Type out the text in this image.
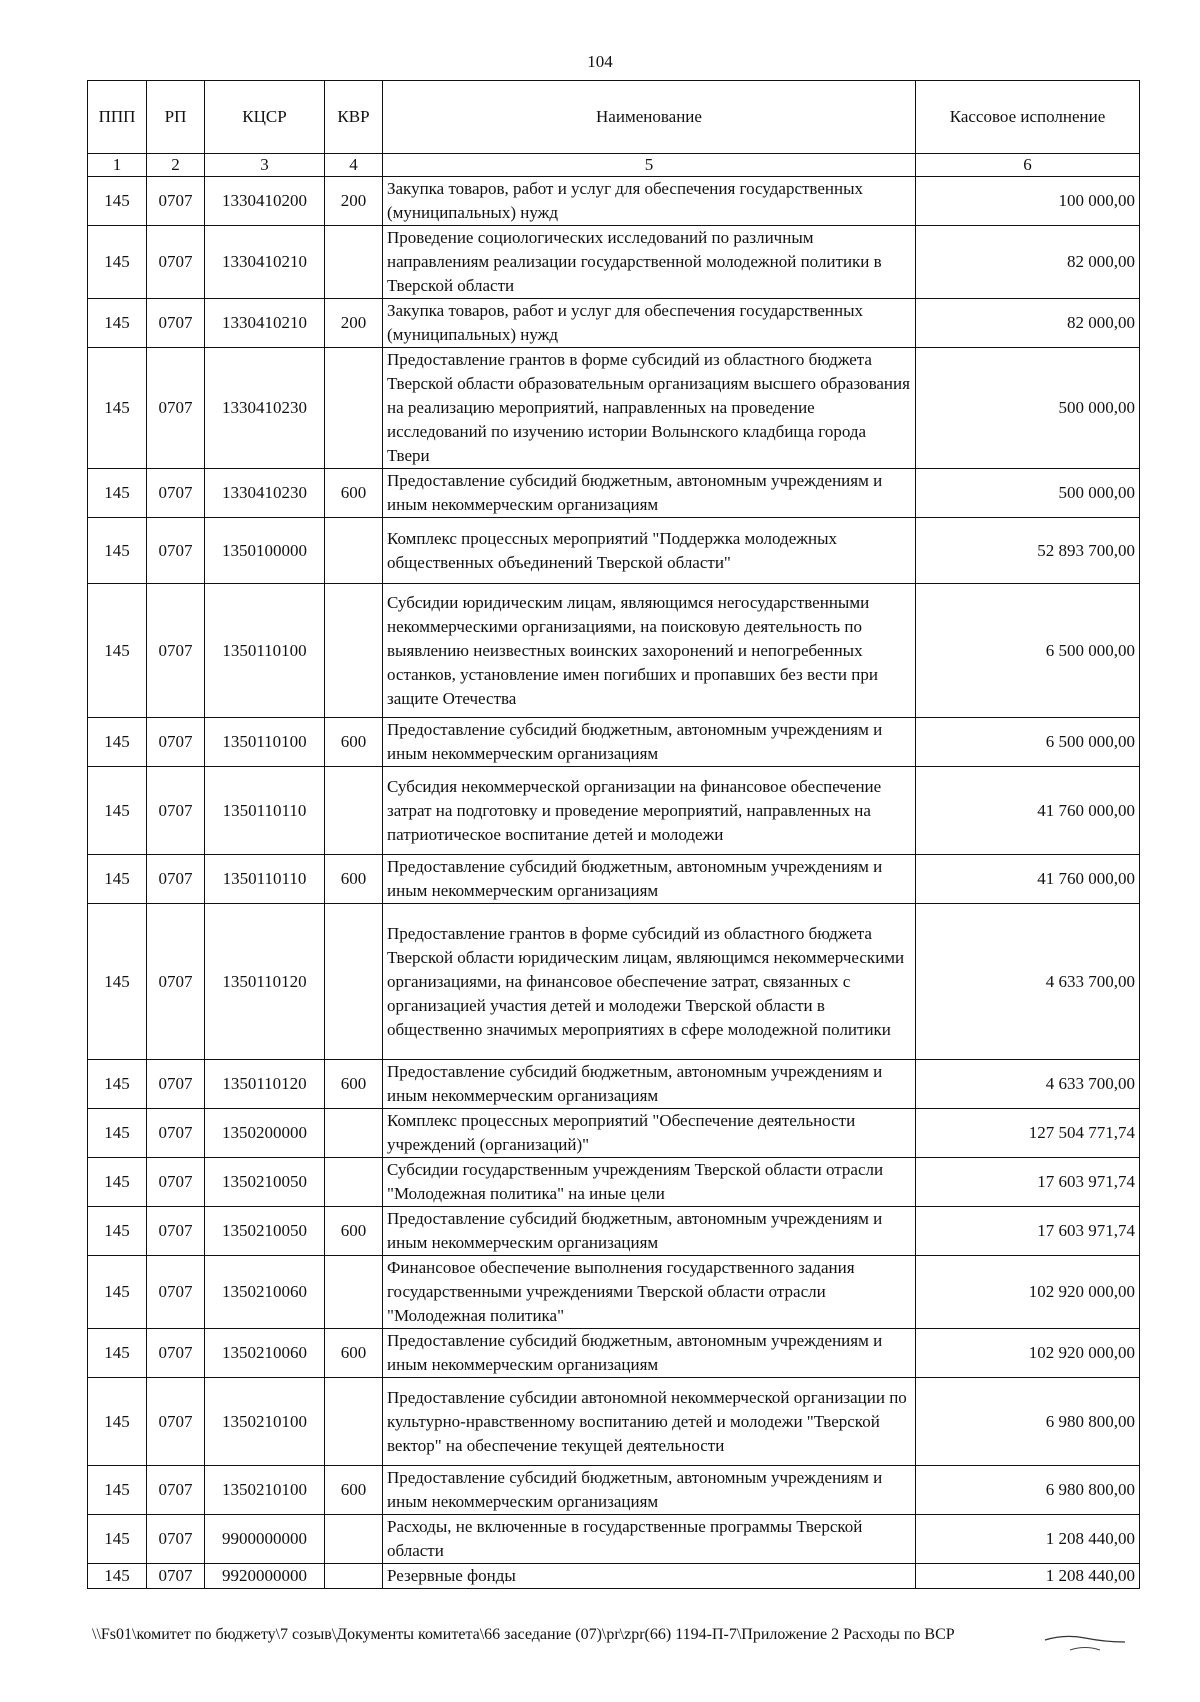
104
ППП	РП	КЦСР	КВР	Наименование	Кассовое исполнение
1	2	3	4	5	6
145	0707	1330410200	200	Закупка товаров, работ и услуг для обеспечения государственных (муниципальных) нужд	100 000,00
145	0707	1330410210		Проведение социологических исследований по различным направлениям реализации государственной молодежной политики в Тверской области	82 000,00
145	0707	1330410210	200	Закупка товаров, работ и услуг для обеспечения государственных (муниципальных) нужд	82 000,00
145	0707	1330410230		Предоставление грантов в форме субсидий из областного бюджета Тверской области образовательным организациям высшего образования на реализацию мероприятий, направленных на проведение исследований по изучению истории Волынского кладбища города Твери	500 000,00
145	0707	1330410230	600	Предоставление субсидий бюджетным, автономным учреждениям и иным некоммерческим организациям	500 000,00
145	0707	1350100000		Комплекс процессных мероприятий "Поддержка молодежных общественных объединений Тверской области"	52 893 700,00
145	0707	1350110100		Субсидии юридическим лицам, являющимся негосударственными некоммерческими организациями, на поисковую деятельность по выявлению неизвестных воинских захоронений и непогребенных останков, установление имен погибших и пропавших без вести при защите Отечества	6 500 000,00
145	0707	1350110100	600	Предоставление субсидий бюджетным, автономным учреждениям и иным некоммерческим организациям	6 500 000,00
145	0707	1350110110		Субсидия некоммерческой организации на финансовое обеспечение затрат на подготовку и проведение мероприятий, направленных на патриотическое воспитание детей и молодежи	41 760 000,00
145	0707	1350110110	600	Предоставление субсидий бюджетным, автономным учреждениям и иным некоммерческим организациям	41 760 000,00
145	0707	1350110120		Предоставление грантов в форме субсидий из областного бюджета Тверской области юридическим лицам, являющимся некоммерческими организациями, на финансовое обеспечение затрат, связанных с организацией участия детей и молодежи Тверской области в общественно значимых мероприятиях в сфере молодежной политики	4 633 700,00
145	0707	1350110120	600	Предоставление субсидий бюджетным, автономным учреждениям и иным некоммерческим организациям	4 633 700,00
145	0707	1350200000		Комплекс процессных мероприятий "Обеспечение деятельности учреждений (организаций)"	127 504 771,74
145	0707	1350210050		Субсидии государственным учреждениям Тверской области отрасли "Молодежная политика" на иные цели	17 603 971,74
145	0707	1350210050	600	Предоставление субсидий бюджетным, автономным учреждениям и иным некоммерческим организациям	17 603 971,74
145	0707	1350210060		Финансовое обеспечение выполнения государственного задания государственными учреждениями Тверской области отрасли "Молодежная политика"	102 920 000,00
145	0707	1350210060	600	Предоставление субсидий бюджетным, автономным учреждениям и иным некоммерческим организациям	102 920 000,00
145	0707	1350210100		Предоставление субсидии автономной некоммерческой организации по культурно-нравственному воспитанию детей и молодежи "Тверской вектор" на обеспечение текущей деятельности	6 980 800,00
145	0707	1350210100	600	Предоставление субсидий бюджетным, автономным учреждениям и иным некоммерческим организациям	6 980 800,00
145	0707	9900000000		Расходы, не включенные в государственные программы Тверской области	1 208 440,00
145	0707	9920000000		Резервные фонды	1 208 440,00
\\Fs01\комитет по бюджету\7 созыв\Документы комитета\66 заседание (07)\pr\zpr(66) 1194-П-7\Приложение 2 Расходы по ВСР
